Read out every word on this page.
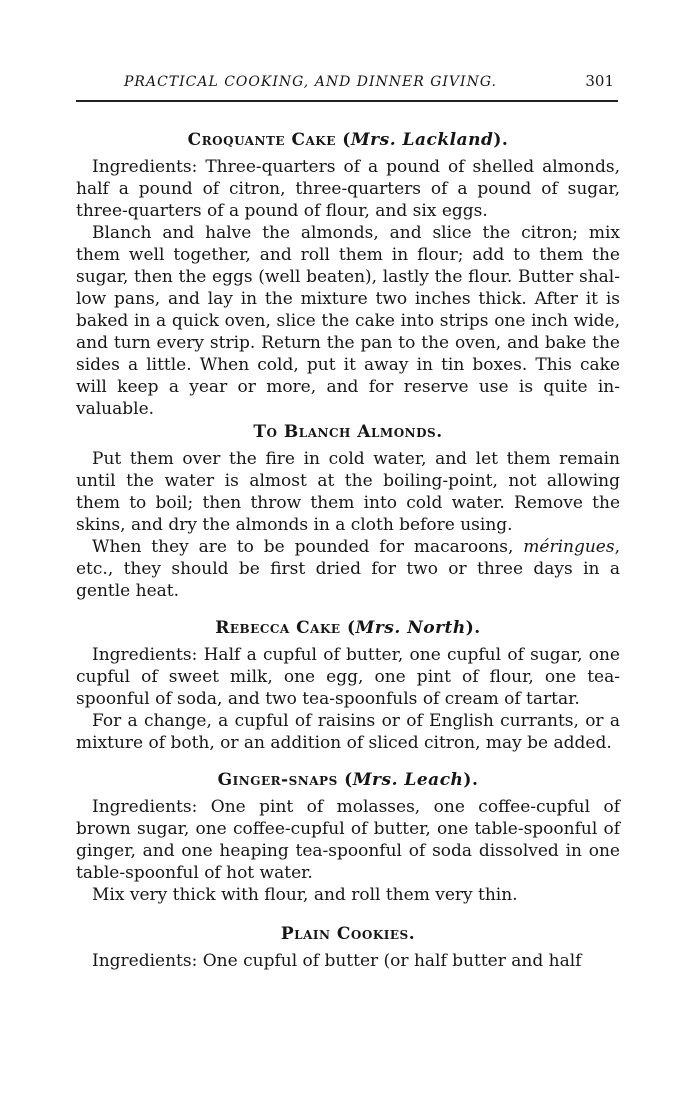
PRACTICAL COOKING, AND DINNER GIVING.	301
Croquante Cake (Mrs. Lackland).

Ingredients: Three-quarters of a pound of shelled almonds, half a pound of citron, three-quarters of a pound of sugar, three-quarters of a pound of flour, and six eggs.

Blanch and halve the almonds, and slice the citron; mix them well together, and roll them in flour; add to them the sugar, then the eggs (well beaten), lastly the flour. Butter shallow pans, and lay in the mixture two inches thick. After it is baked in a quick oven, slice the cake into strips one inch wide, and turn every strip. Return the pan to the oven, and bake the sides a little. When cold, put it away in tin boxes. This cake will keep a year or more, and for reserve use is quite invaluable.

To Blanch Almonds.

Put them over the fire in cold water, and let them remain until the water is almost at the boiling-point, not allowing them to boil; then throw them into cold water. Remove the skins, and dry the almonds in a cloth before using.

When they are to be pounded for macaroons, méringues, etc., they should be first dried for two or three days in a gentle heat.

Rebecca Cake (Mrs. North).

Ingredients: Half a cupful of butter, one cupful of sugar, one cupful of sweet milk, one egg, one pint of flour, one teaspoonful of soda, and two tea-spoonfuls of cream of tartar.

For a change, a cupful of raisins or of English currants, or a mixture of both, or an addition of sliced citron, may be added.

Ginger-snaps (Mrs. Leach).

Ingredients: One pint of molasses, one coffee-cupful of brown sugar, one coffee-cupful of butter, one table-spoonful of ginger, and one heaping tea-spoonful of soda dissolved in one table-spoonful of hot water.

Mix very thick with flour, and roll them very thin.

Plain Cookies.

Ingredients: One cupful of butter (or half butter and half
